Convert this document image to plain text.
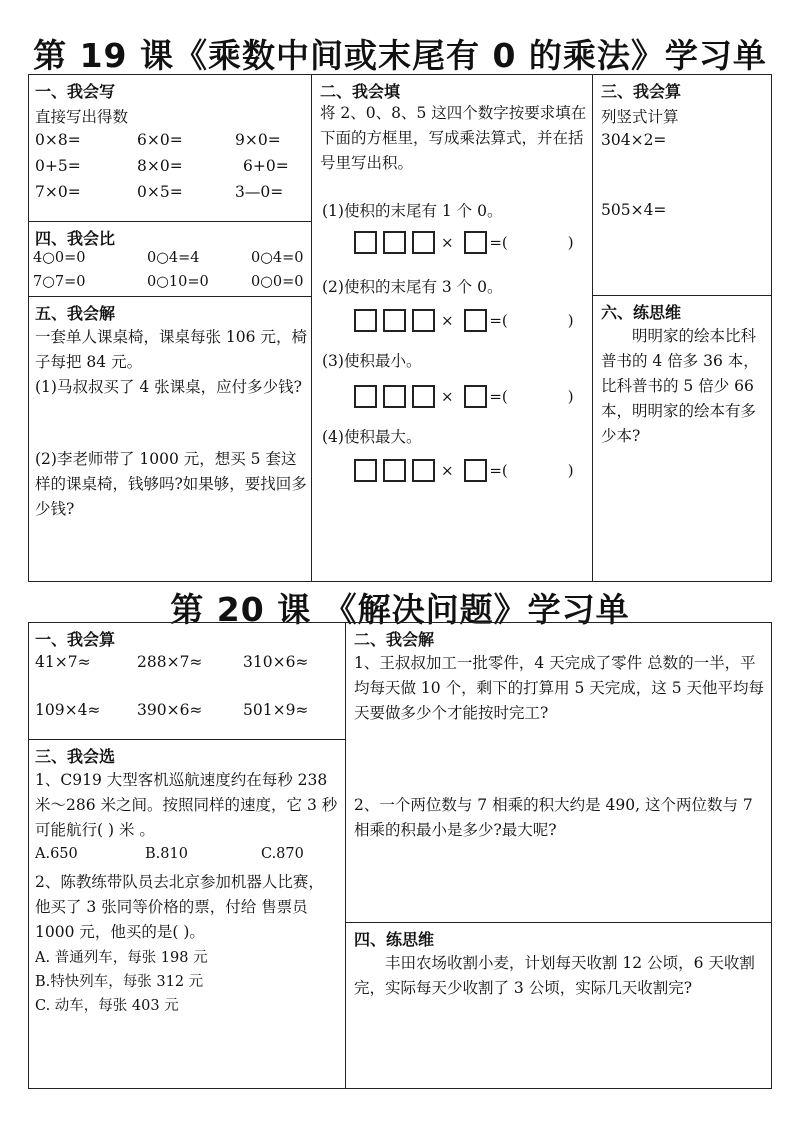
第 19 课《乘数中间或末尾有 0 的乘法》学习单
一、我会写
直接写出得数
0×8=	6×0=	9×0=
0+5=	8×0=	6+0=
7×0=	0×5=	3—0=
四、我会比
4○0=0	0○4=4	0○4=0
7○7=0	0○10=0	0○0=0
五、我会解
一套单人课桌椅，课桌每张 106 元，椅子每把 84 元。
(1)马叔叔买了 4 张课桌，应付多少钱?
(2)李老师带了 1000 元，想买 5 套这样的课桌椅，钱够吗?如果够，要找回多少钱?
二、我会填
将 2、0、8、5 这四个数字按要求填在下面的方框里，写成乘法算式，并在括号里写出积。
(1)使积的末尾有 1 个 0。
× =(	)
(2)使积的末尾有 3 个 0。
× =(	)
(3)使积最小。
× =(	)
(4)使积最大。
× =(	)
三、我会算
列竖式计算
304×2=
505×4=
六、练思维
明明家的绘本比科普书的 4 倍多 36 本，比科普书的 5 倍少 66 本，明明家的绘本有多少本?
第 20 课 《解决问题》学习单
一、我会算
41×7≈	288×7≈	310×6≈
109×4≈ 390×6≈	501×9≈
三、我会选
1、C919 大型客机巡航速度约在每秒 238 米～286 米之间。按照同样的速度，它 3 秒可能航行( ) 米 。
A.650	B.810	C.870
2、陈教练带队员去北京参加机器人比赛，他买了 3 张同等价格的票，付给 售票员 1000 元，他买的是( )。
A. 普通列车，每张 198 元
B.特快列车，每张 312 元
C. 动车，每张 403 元
二、我会解
1、王叔叔加工一批零件，4 天完成了零件 总数的一半，平均每天做 10 个，剩下的打算用 5 天完成，这 5 天他平均每天要做多少个才能按时完工?
2、一个两位数与 7 相乘的积大约是 490, 这个两位数与 7 相乘的积最小是多少?最大呢?
四、练思维
丰田农场收割小麦，计划每天收割 12 公顷，6 天收割完，实际每天少收割了 3 公顷，实际几天收割完?
